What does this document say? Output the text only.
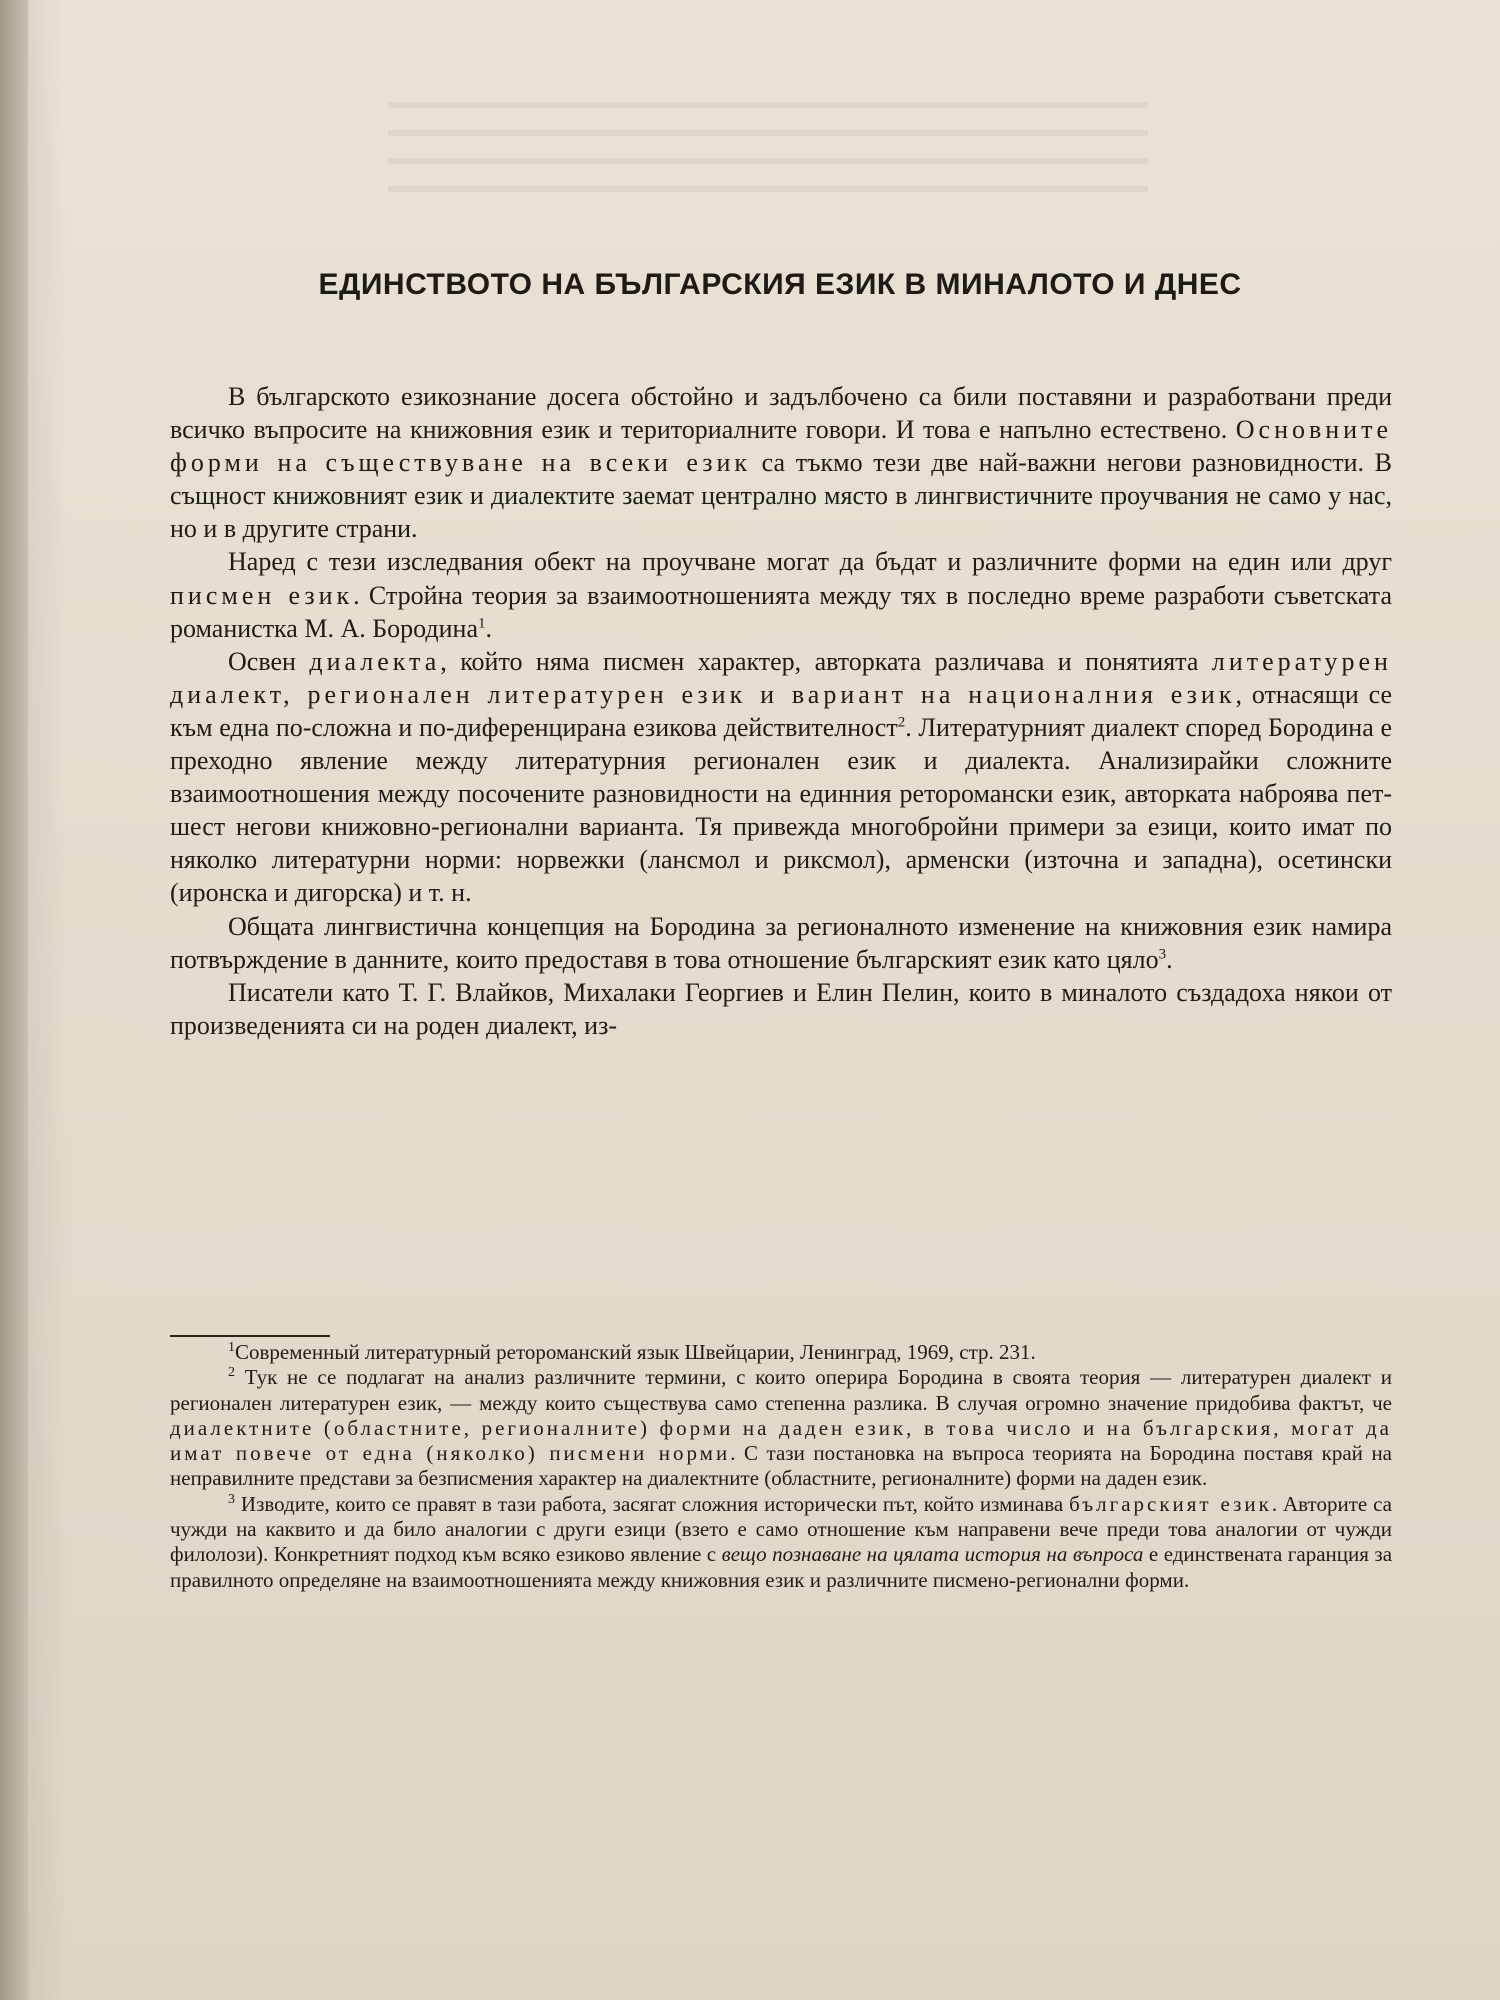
ЕДИНСТВОТО НА БЪЛГАРСКИЯ ЕЗИК В МИНАЛОТО И ДНЕС

В българското езикознание досега обстойно и задълбочено са били поставяни и разработвани преди всичко въпросите на книжовния език и териториалните говори. И това е напълно естествено. Основните форми на съществуване на всеки език са тъкмо тези две най-важни негови разновидности. В същност книжовният език и диалектите заемат централно място в лингвистичните проучвания не само у нас, но и в другите страни.

Наред с тези изследвания обект на проучване могат да бъдат и различните форми на един или друг писмен език. Стройна теория за взаимоотношенията между тях в последно време разработи съветската романистка М. А. Бородина$^1$.

Освен диалекта, който няма писмен характер, авторката различава и понятията литературен диалект, регионален литературен език и вариант на националния език, отнасящи се към една по-сложна и по-диференцирана езикова действителност$^2$. Литературният диалект според Бородина е преходно явление между литературния регионален език и диалекта. Анализирайки сложните взаимоотношения между посочените разновидности на единния реторомански език, авторката наброява пет-шест негови книжовно-регионални варианта. Тя привежда многобройни примери за езици, които имат по няколко литературни норми: норвежки (лансмол и риксмол), арменски (източна и западна), осетински (иронска и дигорска) и т. н.

Общата лингвистична концепция на Бородина за регионалното изменение на книжовния език намира потвърждение в данните, които предоставя в това отношение българският език като цяло$^3$.

Писатели като Т. Г. Влайков, Михалаки Георгиев и Елин Пелин, които в миналото създадоха някои от произведенията си на роден диалект, из-

$^1$Современный литературный ретороманский язык Швейцарии, Ленинград, 1969, стр. 231.

$^2$ Тук не се подлагат на анализ различните термини, с които оперира Бородина в своята теория — литературен диалект и регионален литературен език, — между които съществува само степенна разлика. В случая огромно значение придобива фактът, че диалектните (областните, регионалните) форми на даден език, в това число и на българския, могат да имат повече от една (няколко) писмени норми. С тази постановка на въпроса теорията на Бородина поставя край на неправилните представи за безписмения характер на диалектните (областните, регионалните) форми на даден език.

$^3$ Изводите, които се правят в тази работа, засягат сложния исторически път, който изминава българският език. Авторите са чужди на каквито и да било аналогии с други езици (взето е само отношение към направени вече преди това аналогии от чужди филолози). Конкретният подход към всяко езиково явление с вещо познаване на цялата история на въпроса е единствената гаранция за правилното определяне на взаимоотношенията между книжовния език и различните писмено-регионални форми.
